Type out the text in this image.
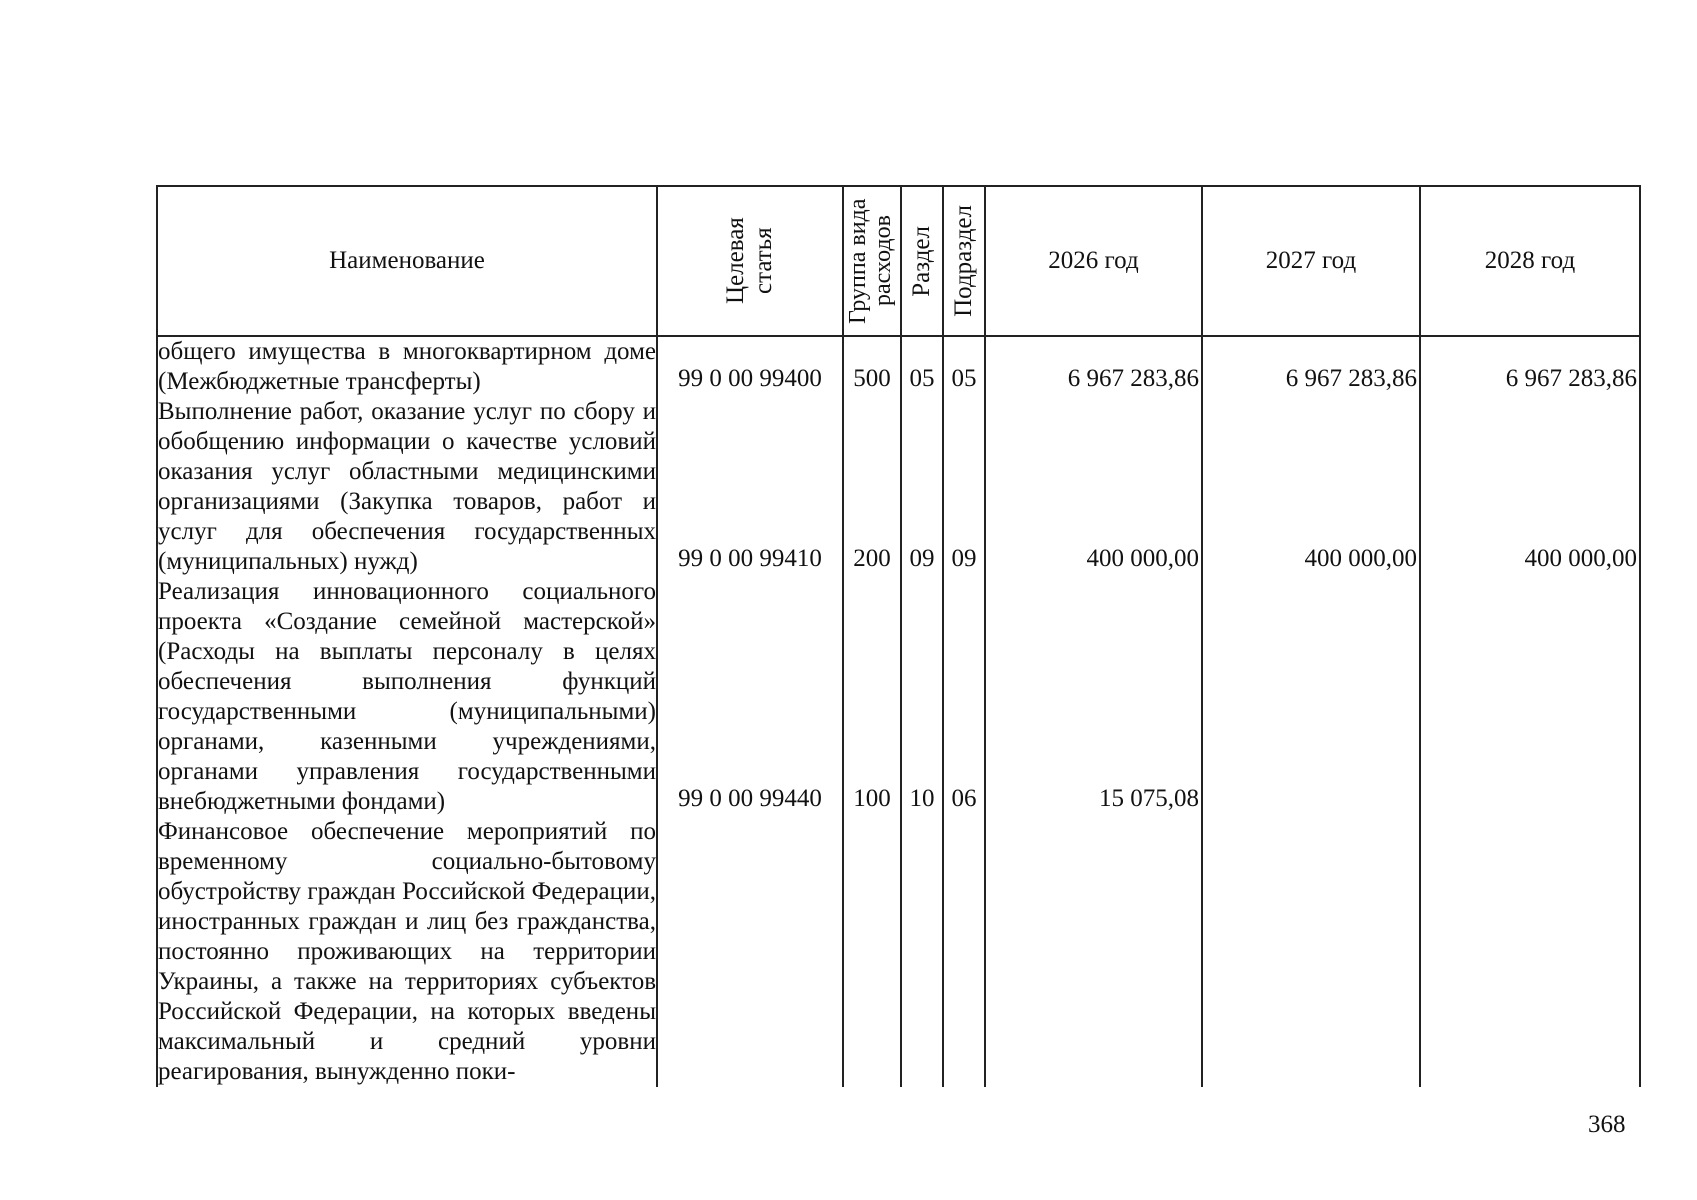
Наименование	Целевая статья	Группа вида расходов	Раздел	Подраздел	2026 год	2027 год	2028 год
общего имущества в многоквартирном доме (Межбюджетные трансферты)	99 0 00 99400	500	05	05	6 967 283,86	6 967 283,86	6 967 283,86
Выполнение работ, оказание услуг по сбору и обобщению информации о качестве условий оказания услуг областными медицинскими организациями (Закупка товаров, работ и услуг для обеспечения государственных (муниципальных) нужд)	99 0 00 99410	200	09	09	400 000,00	400 000,00	400 000,00
Реализация инновационного социального проекта «Создание семейной мастерской» (Расходы на выплаты персоналу в целях обеспечения выполнения функций государственными (муниципальными) органами, казенными учреждениями, органами управления государственными внебюджетными фондами)	99 0 00 99440	100	10	06	15 075,08		
Финансовое обеспечение мероприятий по временному социально-бытовому обустройству граждан Российской Федерации, иностранных граждан и лиц без гражданства, постоянно проживающих на территории Украины, а также на территориях субъектов Российской Федерации, на которых введены максимальный и средний уровни реагирования, вынужденно поки-							
368
